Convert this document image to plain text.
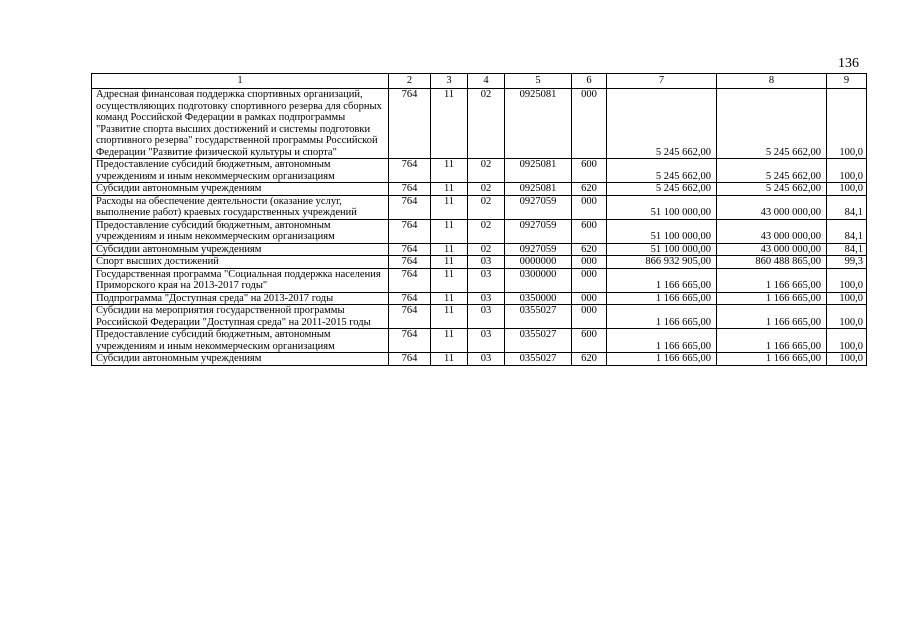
136
1	2	3	4	5	6	7	8	9
Адресная финансовая поддержка спортивных организаций, осуществляющих подготовку спортивного резерва для сборных команд Российской Федерации в рамках подпрограммы "Развитие спорта высших достижений и системы подготовки спортивного резерва" государственной программы Российской Федерации "Развитие физической культуры и спорта"	764	11	02	0925081	000	5 245 662,00	5 245 662,00	100,0
Предоставление субсидий бюджетным, автономным учреждениям и иным некоммерческим организациям	764	11	02	0925081	600	5 245 662,00	5 245 662,00	100,0
Субсидии автономным учреждениям	764	11	02	0925081	620	5 245 662,00	5 245 662,00	100,0
Расходы на обеспечение деятельности (оказание услуг, выполнение работ) краевых государственных учреждений	764	11	02	0927059	000	51 100 000,00	43 000 000,00	84,1
Предоставление субсидий бюджетным, автономным учреждениям и иным некоммерческим организациям	764	11	02	0927059	600	51 100 000,00	43 000 000,00	84,1
Субсидии автономным учреждениям	764	11	02	0927059	620	51 100 000,00	43 000 000,00	84,1
Спорт высших достижений	764	11	03	0000000	000	866 932 905,00	860 488 865,00	99,3
Государственная программа "Социальная поддержка населения Приморского края на 2013-2017 годы"	764	11	03	0300000	000	1 166 665,00	1 166 665,00	100,0
Подпрограмма "Доступная среда" на 2013-2017 годы	764	11	03	0350000	000	1 166 665,00	1 166 665,00	100,0
Субсидии на мероприятия государственной программы Российской Федерации "Доступная среда" на 2011-2015 годы	764	11	03	0355027	000	1 166 665,00	1 166 665,00	100,0
Предоставление субсидий бюджетным, автономным учреждениям и иным некоммерческим организациям	764	11	03	0355027	600	1 166 665,00	1 166 665,00	100,0
Субсидии автономным учреждениям	764	11	03	0355027	620	1 166 665,00	1 166 665,00	100,0
